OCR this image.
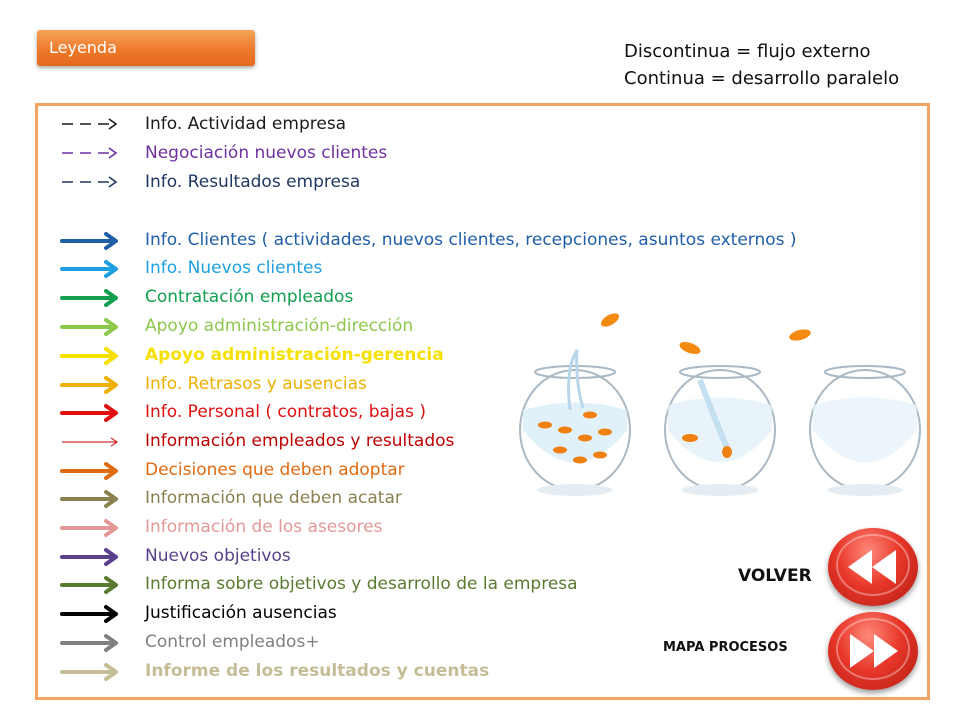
Leyenda	Discontinua = flujo externo
Continua = desarrollo paralelo
Info. Actividad empresa
Negociación nuevos clientes
Info. Resultados empresa
Info. Clientes ( actividades, nuevos clientes, recepciones, asuntos externos )
Info. Nuevos clientes
Contratación empleados
Apoyo administración-dirección
Apoyo administración-gerencia
Info. Retrasos y ausencias
Info. Personal ( contratos, bajas )
Información empleados y resultados
Decisiones que deben adoptar
Información que deben acatar
Información de los asesores
Nuevos objetivos
Informa sobre objetivos y desarrollo de la empresa
Justificación ausencias
Control empleados+
Informe de los resultados y cuentas
VOLVER
MAPA PROCESOS
